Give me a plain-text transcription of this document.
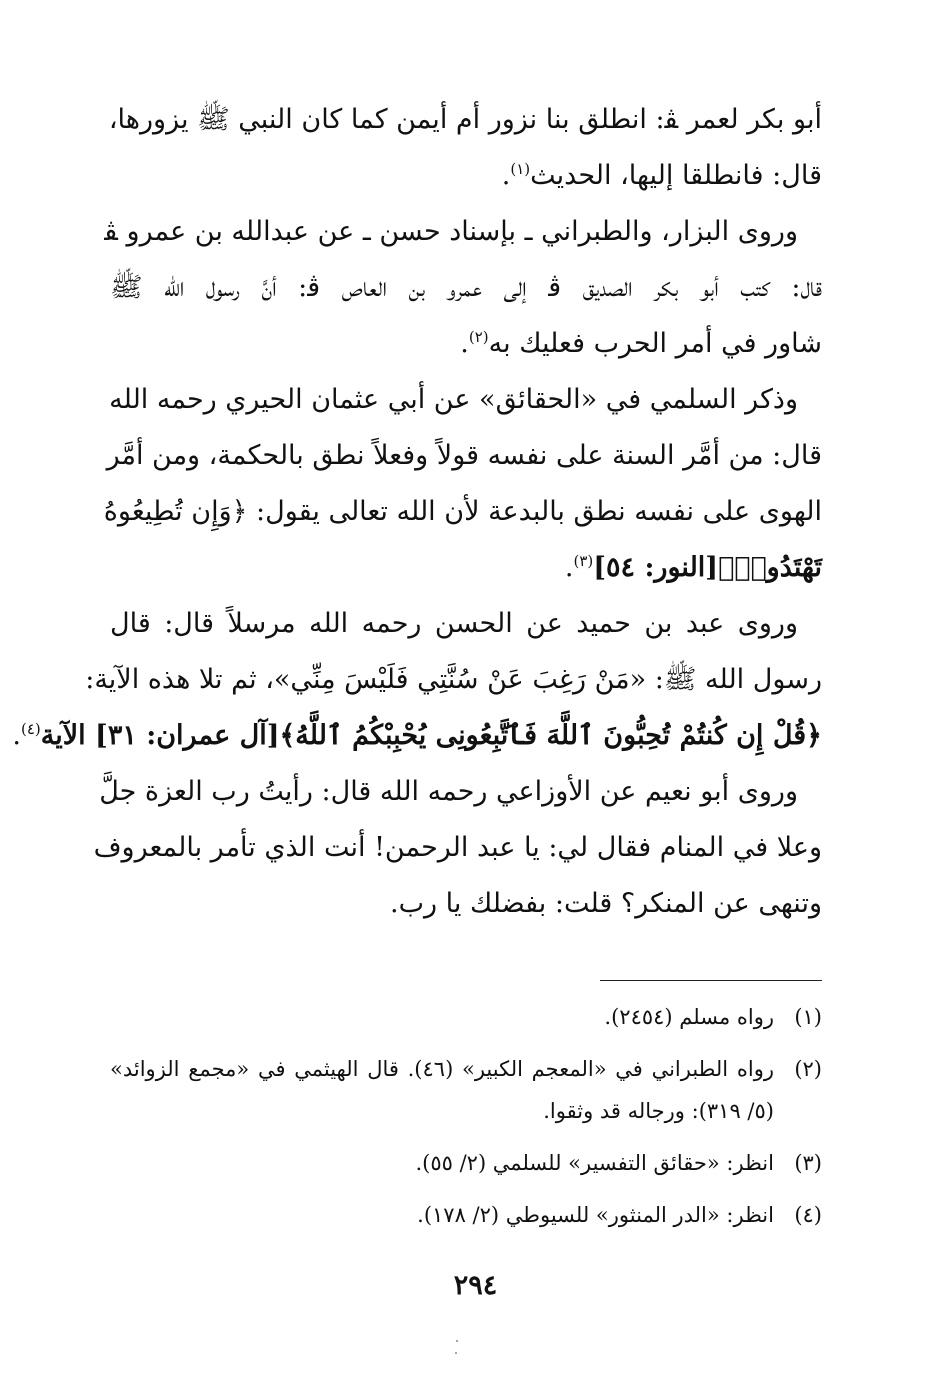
أبو بكر لعمر ﭭ: انطلق بنا نزور أم أيمن كما كان النبي ﷺ يزورها،
قال: فانطلقا إليها، الحديث$^{(١)}$.
وروى البزار، والطبراني ـ بإسناد حسن ـ عن عبدالله بن عمرو ﭭ
قال: كتب أبو بكر الصديق ﭬ إلى عمرو بن العاص ﭬ: أنَّ رسول الله ﷺ
شاور في أمر الحرب فعليك به$^{(٢)}$.
وذكر السلمي في «الحقائق» عن أبي عثمان الحيري رحمه الله
قال: من أمَّر السنة على نفسه قولاً وفعلاً نطق بالحكمة، ومن أمَّر
الهوى على نفسه نطق بالبدعة لأن الله تعالى يقول: ﴿وَإِن تُطِيعُوهُ
تَهْتَدُوا۟﴾[النور: ٥٤]$^{(٣)}$.
وروى عبد بن حميد عن الحسن رحمه الله مرسلاً قال: قال
رسول الله ﷺ: «مَنْ رَغِبَ عَنْ سُنَّتِي فَلَيْسَ مِنِّي»، ثم تلا هذه الآية:
﴿قُلْ إِن كُنتُمْ تُحِبُّونَ ٱللَّهَ فَٱتَّبِعُونِى يُحْبِبْكُمُ ٱللَّهُ﴾[آل عمران: ٣١] الآية$^{(٤)}$.
وروى أبو نعيم عن الأوزاعي رحمه الله قال: رأيتُ رب العزة جلَّ
وعلا في المنام فقال لي: يا عبد الرحمن! أنت الذي تأمر بالمعروف
وتنهى عن المنكر؟ قلت: بفضلك يا رب.
(١)
رواه مسلم (٢٤٥٤).
(٢)
رواه الطبراني في «المعجم الكبير» (٤٦). قال الهيثمي في «مجمع الزوائد»
(٥/ ٣١٩): ورجاله قد وثقوا.
(٣)
انظر: «حقائق التفسير» للسلمي (٢/ ٥٥).
(٤)
انظر: «الدر المنثور» للسيوطي (٢/ ١٧٨).
٢٩٤
